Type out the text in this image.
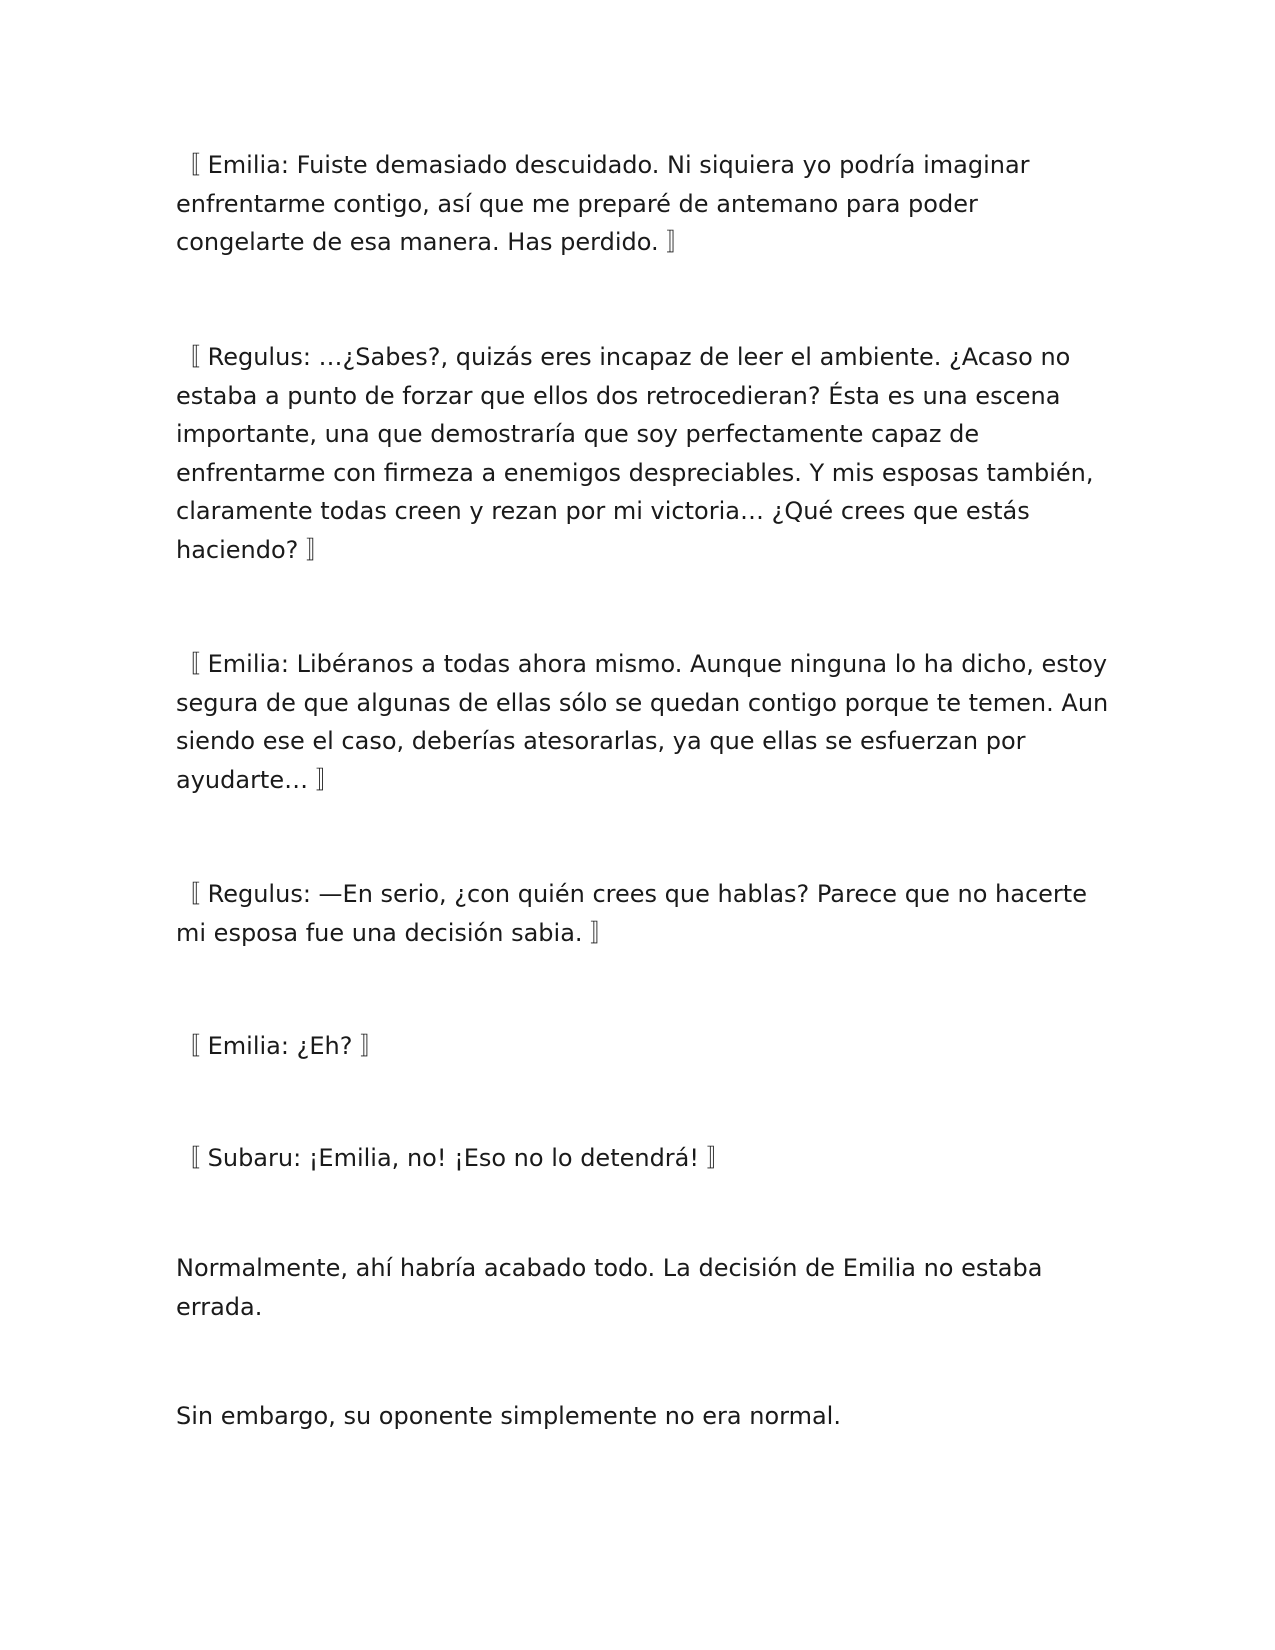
〚 Emilia: Fuiste demasiado descuidado. Ni siquiera yo podría imaginar
enfrentarme contigo, así que me preparé de antemano para poder
congelarte de esa manera. Has perdido. 〛

〚 Regulus: …¿Sabes?, quizás eres incapaz de leer el ambiente. ¿Acaso no
estaba a punto de forzar que ellos dos retrocedieran? Ésta es una escena
importante, una que demostraría que soy perfectamente capaz de
enfrentarme con firmeza a enemigos despreciables. Y mis esposas también,
claramente todas creen y rezan por mi victoria… ¿Qué crees que estás
haciendo? 〛

〚 Emilia: Libéranos a todas ahora mismo. Aunque ninguna lo ha dicho, estoy
segura de que algunas de ellas sólo se quedan contigo porque te temen. Aun
siendo ese el caso, deberías atesorarlas, ya que ellas se esfuerzan por
ayudarte… 〛

〚 Regulus: —En serio, ¿con quién crees que hablas? Parece que no hacerte
mi esposa fue una decisión sabia. 〛

〚 Emilia: ¿Eh? 〛

〚 Subaru: ¡Emilia, no! ¡Eso no lo detendrá! 〛

Normalmente, ahí habría acabado todo. La decisión de Emilia no estaba
errada.

Sin embargo, su oponente simplemente no era normal.
